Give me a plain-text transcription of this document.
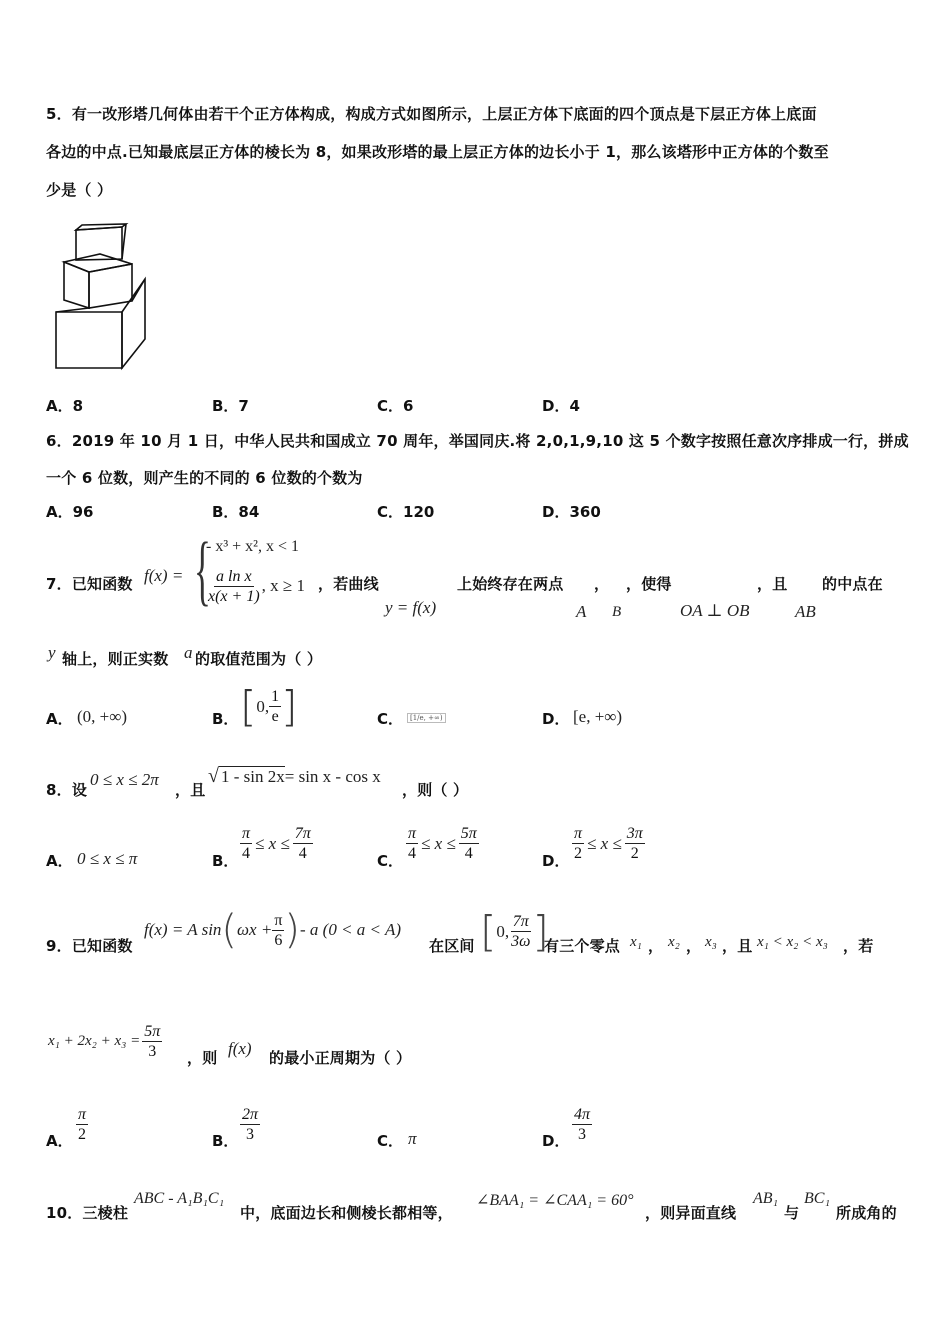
5．有一改形塔几何体由若干个正方体构成，构成方式如图所示，上层正方体下底面的四个顶点是下层正方体上底面
各边的中点.已知最底层正方体的棱长为 8，如果改形塔的最上层正方体的边长小于 1，那么该塔形中正方体的个数至
少是（ ）
A．8	B．7	C．6	D．4
6．2019 年 10 月 1 日，中华人民共和国成立 70 周年，举国同庆.将 2,0,1,9,10 这 5 个数字按照任意次序排成一行，拼成
一个 6 位数，则产生的不同的 6 位数的个数为
A．96	B．84	C．120	D．360
7．已知函数 f(x) = {
- x³ + x², x < 1
$\frac{\text{a ln x}}{x(x + 1)}$ , x ≥ 1 ，若曲线	上始终存在两点 ， ，使得	，且 的中点在
y = f(x)	A B	OA ⊥ OB	AB
y 轴上，则正实数 a 的取值范围为（ ）
A． (0, +∞)	B． [ 0, $\frac{1}{e}$ ]	C． [1/e, +∞)	D． [e, +∞)
8．设
0 ≤ x ≤ 2π
，且
√ 1 - sin 2x= sin x - cos x
，则（ ）
A． 0 ≤ x ≤ π	B． $\frac{\pi}{4} \le x \le \frac{7\pi}{4}$	C． $\frac{\pi}{4} \le x \le \frac{5\pi}{4}$	D． $\frac{\pi}{2} \le x \le \frac{3\pi}{2}$
9．已知函数
f(x) = A sin ( $\omega x + \frac{\pi}{6}$ ) - a (0 < a < A)
在区间 [ 0, $\frac{7\pi}{3\omega}$ ]
有三个零点 x₁ ， x₂ ， x₃ ，且 x₁ < x₂ < x₃ ，若
$x_1 + 2x_2 + x_3 = \frac{5\pi}{3}$ ，则 f(x) 的最小正周期为（ ）
A． $\frac{\pi}{2}$	B． $\frac{2\pi}{3}$	C． π	D． $\frac{4\pi}{3}$
10．三棱柱
ABC - A₁B₁C₁
中，底面边长和侧棱长都相等，
∠BAA₁ = ∠CAA₁ = 60°
，则异面直线
AB₁
与
BC₁
所成角的
